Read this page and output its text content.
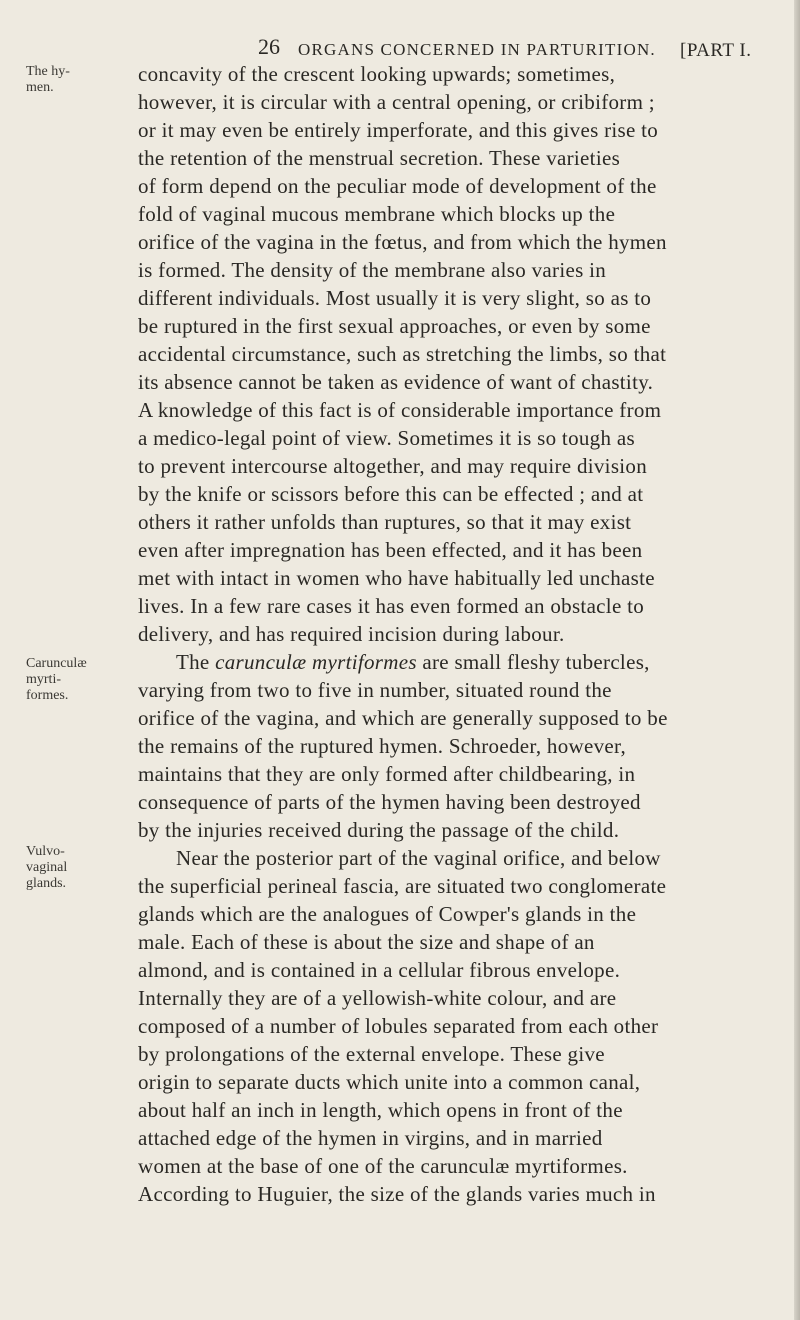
26 ORGANS CONCERNED IN PARTURITION. [PART I.
The hy-
men.
Carunculæ
myrti-
formes.
Vulvo-
vaginal
glands.
concavity of the crescent looking upwards; sometimes,
however, it is circular with a central opening, or cribiform ;
or it may even be entirely imperforate, and this gives rise to
the retention of the menstrual secretion. These varieties
of form depend on the peculiar mode of development of the
fold of vaginal mucous membrane which blocks up the
orifice of the vagina in the fœtus, and from which the hymen
is formed. The density of the membrane also varies in
different individuals. Most usually it is very slight, so as to
be ruptured in the first sexual approaches, or even by some
accidental circumstance, such as stretching the limbs, so that
its absence cannot be taken as evidence of want of chastity.
A knowledge of this fact is of considerable importance from
a medico-legal point of view. Sometimes it is so tough as
to prevent intercourse altogether, and may require division
by the knife or scissors before this can be effected ; and at
others it rather unfolds than ruptures, so that it may exist
even after impregnation has been effected, and it has been
met with intact in women who have habitually led unchaste
lives. In a few rare cases it has even formed an obstacle to
delivery, and has required incision during labour.
The carunculæ myrtiformes are small fleshy tubercles,
varying from two to five in number, situated round the
orifice of the vagina, and which are generally supposed to be
the remains of the ruptured hymen. Schroeder, however,
maintains that they are only formed after childbearing, in
consequence of parts of the hymen having been destroyed
by the injuries received during the passage of the child.
Near the posterior part of the vaginal orifice, and below
the superficial perineal fascia, are situated two conglomerate
glands which are the analogues of Cowper's glands in the
male. Each of these is about the size and shape of an
almond, and is contained in a cellular fibrous envelope.
Internally they are of a yellowish-white colour, and are
composed of a number of lobules separated from each other
by prolongations of the external envelope. These give
origin to separate ducts which unite into a common canal,
about half an inch in length, which opens in front of the
attached edge of the hymen in virgins, and in married
women at the base of one of the carunculæ myrtiformes.
According to Huguier, the size of the glands varies much in
